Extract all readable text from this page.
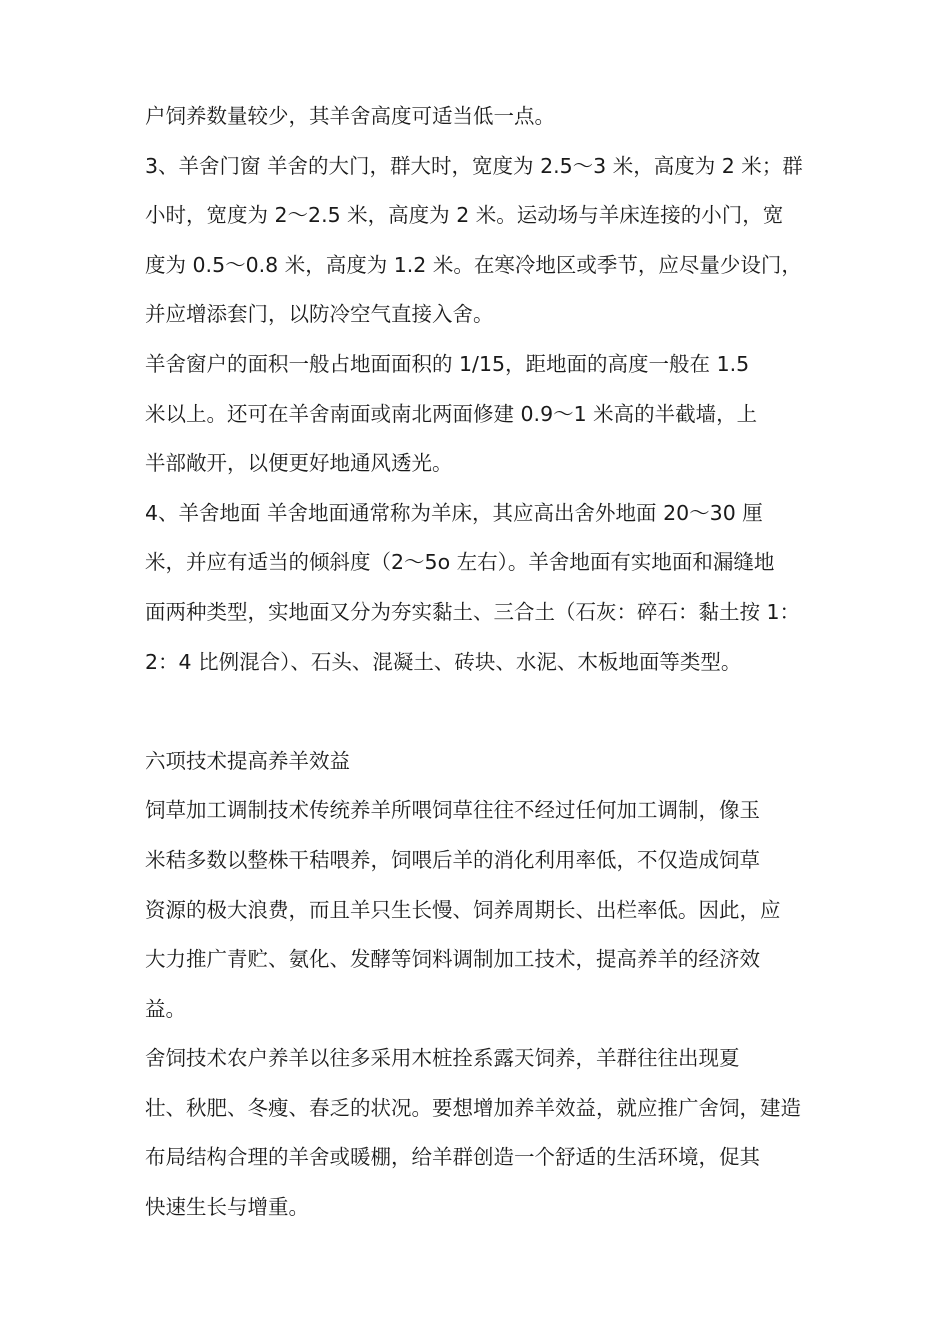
户饲养数量较少，其羊舍高度可适当低一点。
3、羊舍门窗 羊舍的大门，群大时，宽度为 2.5～3 米，高度为 2 米；群
小时，宽度为 2～2.5 米，高度为 2 米。运动场与羊床连接的小门，宽
度为 0.5～0.8 米，高度为 1.2 米。在寒冷地区或季节，应尽量少设门，
并应增添套门，以防冷空气直接入舍。
羊舍窗户的面积一般占地面面积的 1/15，距地面的高度一般在 1.5
米以上。还可在羊舍南面或南北两面修建 0.9～1 米高的半截墙，上
半部敞开，以便更好地通风透光。
4、羊舍地面 羊舍地面通常称为羊床，其应高出舍外地面 20～30 厘
米，并应有适当的倾斜度（2～5o 左右）。羊舍地面有实地面和漏缝地
面两种类型，实地面又分为夯实黏土、三合土（石灰：碎石：黏土按 1：
2：4 比例混合）、石头、混凝土、砖块、水泥、木板地面等类型。
六项技术提高养羊效益
饲草加工调制技术传统养羊所喂饲草往往不经过任何加工调制，像玉
米秸多数以整株干秸喂养，饲喂后羊的消化利用率低，不仅造成饲草
资源的极大浪费，而且羊只生长慢、饲养周期长、出栏率低。因此，应
大力推广青贮、氨化、发酵等饲料调制加工技术，提高养羊的经济效
益。
舍饲技术农户养羊以往多采用木桩拴系露天饲养，羊群往往出现夏
壮、秋肥、冬瘦、春乏的状况。要想增加养羊效益，就应推广舍饲，建造
布局结构合理的羊舍或暖棚，给羊群创造一个舒适的生活环境，促其
快速生长与增重。
